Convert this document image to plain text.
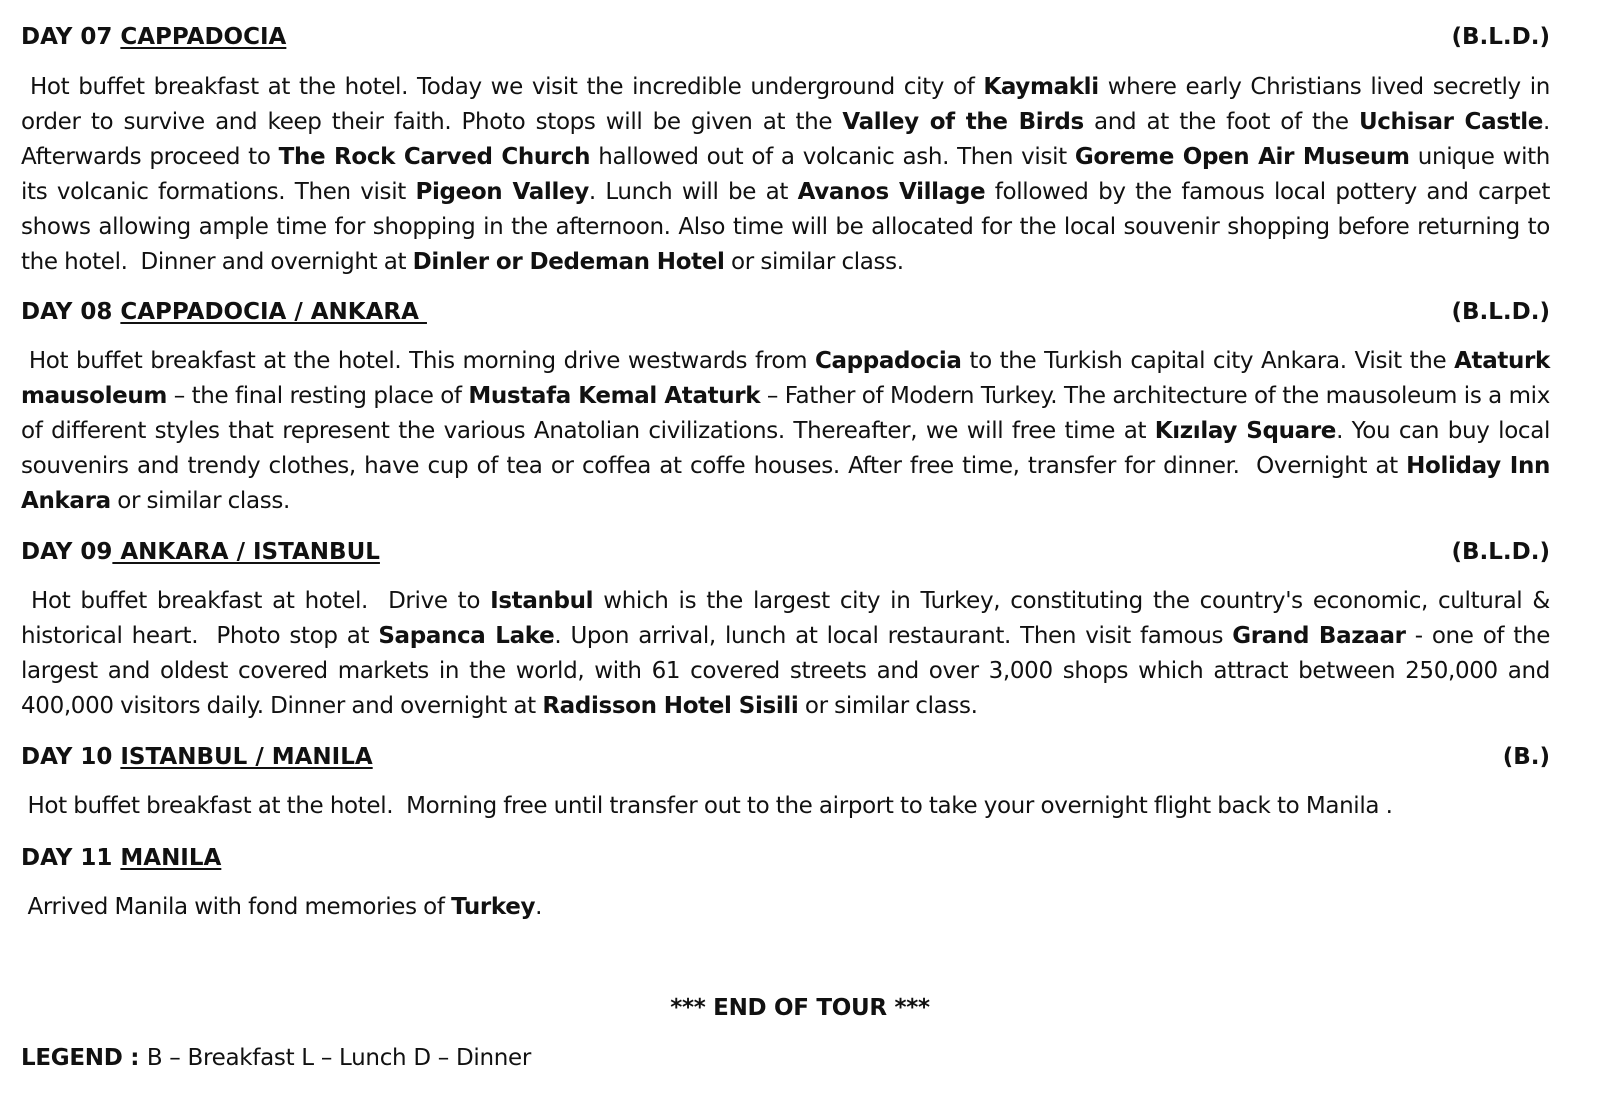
DAY 07 CAPPADOCIA	(B.L.D.)
Hot buffet breakfast at the hotel. Today we visit the incredible underground city of Kaymakli where early Christians lived secretly in order to survive and keep their faith. Photo stops will be given at the Valley of the Birds and at the foot of the Uchisar Castle. Afterwards proceed to The Rock Carved Church hallowed out of a volcanic ash. Then visit Goreme Open Air Museum unique with its volcanic formations. Then visit Pigeon Valley. Lunch will be at Avanos Village followed by the famous local pottery and carpet shows allowing ample time for shopping in the afternoon. Also time will be allocated for the local souvenir shopping before returning to the hotel.  Dinner and overnight at Dinler or Dedeman Hotel or similar class.
DAY 08 CAPPADOCIA / ANKARA	(B.L.D.)
Hot buffet breakfast at the hotel. This morning drive westwards from Cappadocia to the Turkish capital city Ankara. Visit the Ataturk mausoleum – the final resting place of Mustafa Kemal Ataturk – Father of Modern Turkey. The architecture of the mausoleum is a mix of different styles that represent the various Anatolian civilizations. Thereafter, we will free time at Kızılay Square. You can buy local souvenirs and trendy clothes, have cup of tea or coffea at coffe houses. After free time, transfer for dinner.  Overnight at Holiday Inn Ankara or similar class.
DAY 09 ANKARA / ISTANBUL	(B.L.D.)
Hot buffet breakfast at hotel.  Drive to Istanbul which is the largest city in Turkey, constituting the country's economic, cultural & historical heart.  Photo stop at Sapanca Lake. Upon arrival, lunch at local restaurant. Then visit famous Grand Bazaar - one of the largest and oldest covered markets in the world, with 61 covered streets and over 3,000 shops which attract between 250,000 and 400,000 visitors daily. Dinner and overnight at Radisson Hotel Sisili or similar class.
DAY 10 ISTANBUL / MANILA	(B.)
Hot buffet breakfast at the hotel.  Morning free until transfer out to the airport to take your overnight flight back to Manila .
DAY 11 MANILA
Arrived Manila with fond memories of Turkey.
*** END OF TOUR ***
LEGEND : B – Breakfast L – Lunch D – Dinner
